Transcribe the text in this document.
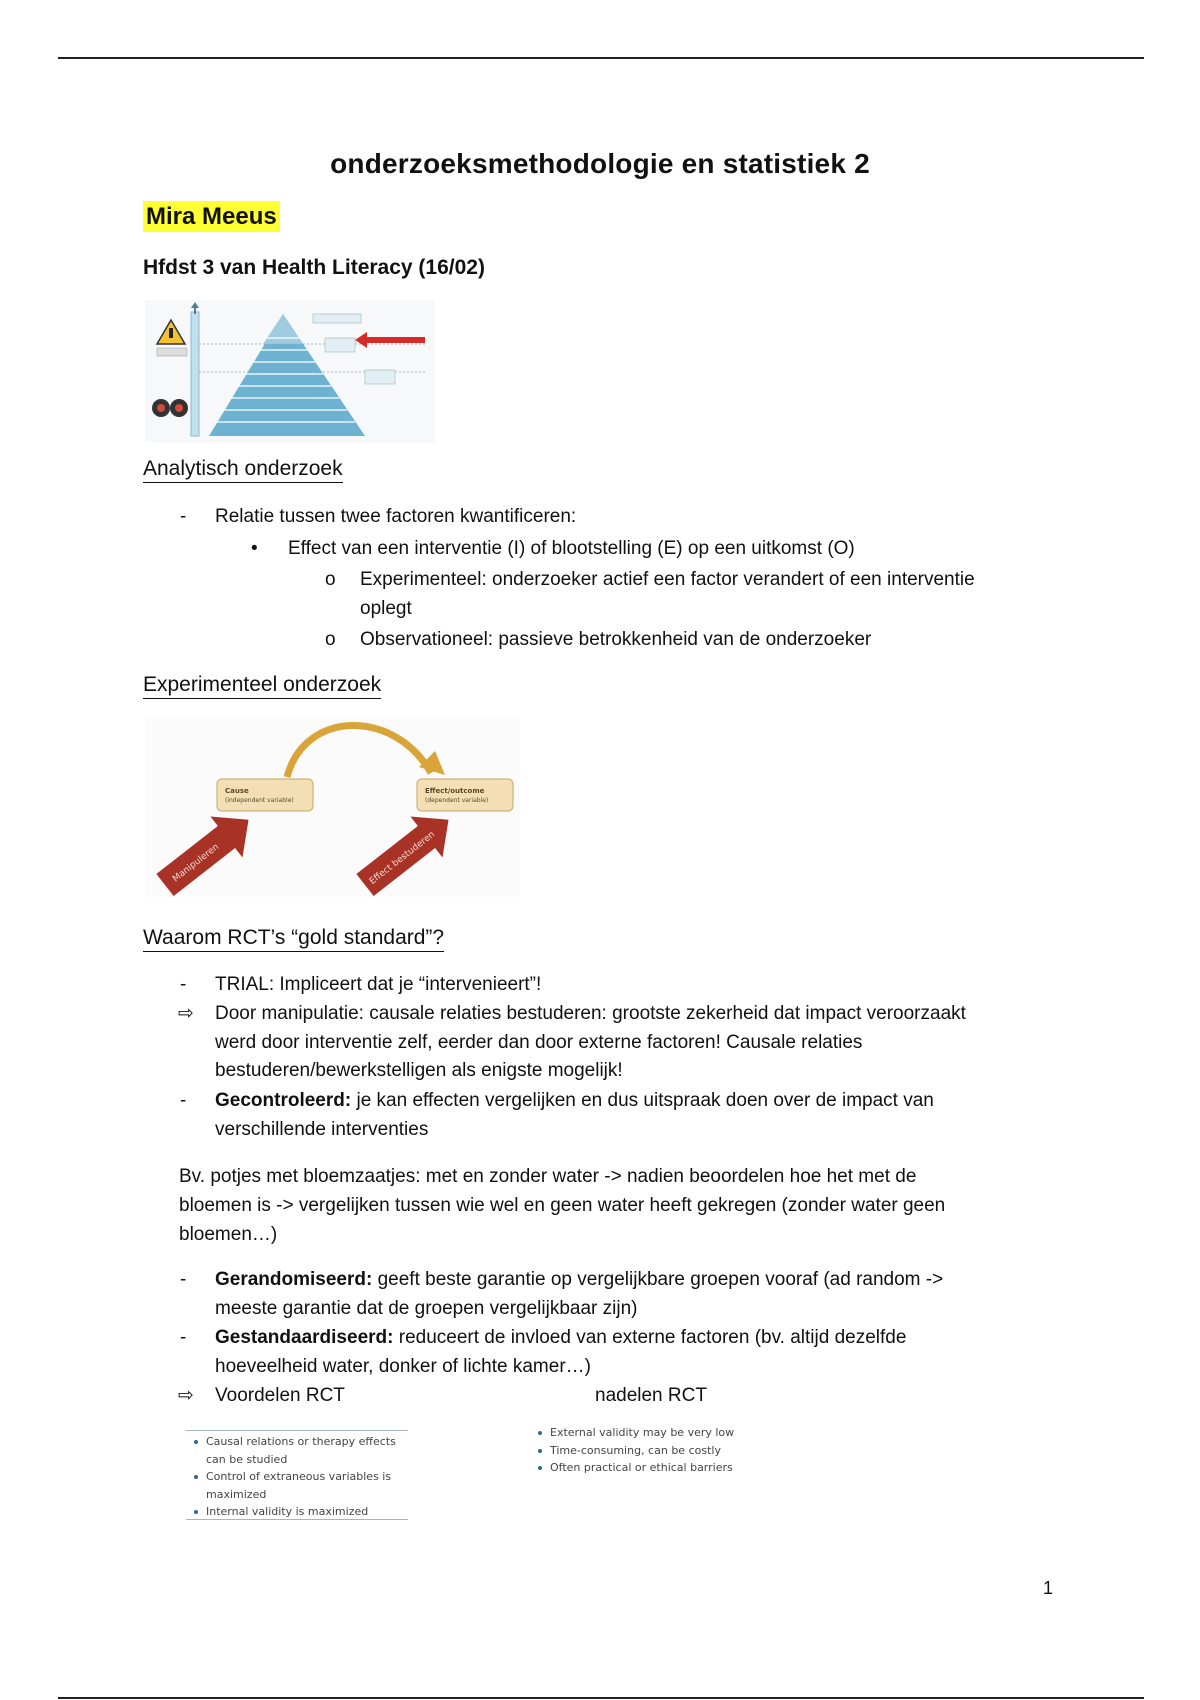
onderzoeksmethodologie en statistiek 2
Mira Meeus
Hfdst 3 van Health Literacy (16/02)
Analytisch onderzoek
- Relatie tussen twee factoren kwantificeren:
• Effect van een interventie (I) of blootstelling (E) op een uitkomst (O)
o Experimenteel: onderzoeker actief een factor verandert of een interventie
oplegt
o Observationeel: passieve betrokkenheid van de onderzoeker
Experimenteel onderzoek
Cause
(independent variable)
Effect/outcome
(dependent variable)
Manipuleren	Effect bestuderen
Waarom RCT’s “gold standard”?
- TRIAL: Impliceert dat je “intervenieert”!
⇨ Door manipulatie: causale relaties bestuderen: grootste zekerheid dat impact veroorzaakt
werd door interventie zelf, eerder dan door externe factoren! Causale relaties
bestuderen/bewerkstelligen als enigste mogelijk!
- Gecontroleerd: je kan effecten vergelijken en dus uitspraak doen over de impact van
verschillende interventies
Bv. potjes met bloemzaatjes: met en zonder water -> nadien beoordelen hoe het met de
bloemen is -> vergelijken tussen wie wel en geen water heeft gekregen (zonder water geen
bloemen…)
- Gerandomiseerd: geeft beste garantie op vergelijkbare groepen vooraf (ad random ->
meeste garantie dat de groepen vergelijkbaar zijn)
- Gestandaardiseerd: reduceert de invloed van externe factoren (bv. altijd dezelfde
hoeveelheid water, donker of lichte kamer…)
⇨ Voordelen RCT	nadelen RCT
Causal relations or therapy effects can be studied
Control of extraneous variables is maximized
Internal validity is maximized
External validity may be very low
Time-consuming, can be costly
Often practical or ethical barriers
1
